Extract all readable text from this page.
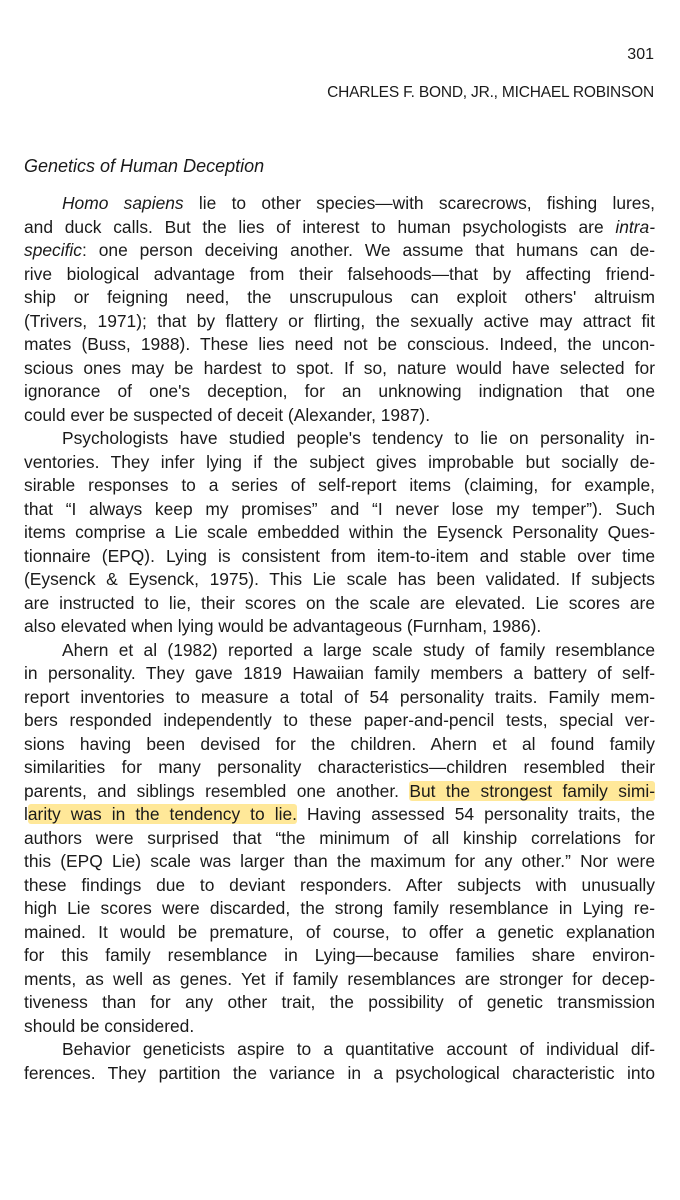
301
CHARLES F. BOND, JR., MICHAEL ROBINSON
Genetics of Human Deception
Homo sapiens lie to other species—with scarecrows, fishing lures,
and duck calls. But the lies of interest to human psychologists are intra-
specific: one person deceiving another. We assume that humans can de-
rive biological advantage from their falsehoods—that by affecting friend-
ship or feigning need, the unscrupulous can exploit others' altruism
(Trivers, 1971); that by flattery or flirting, the sexually active may attract fit
mates (Buss, 1988). These lies need not be conscious. Indeed, the uncon-
scious ones may be hardest to spot. If so, nature would have selected for
ignorance of one's deception, for an unknowing indignation that one
could ever be suspected of deceit (Alexander, 1987).
Psychologists have studied people's tendency to lie on personality in-
ventories. They infer lying if the subject gives improbable but socially de-
sirable responses to a series of self-report items (claiming, for example,
that “I always keep my promises” and “I never lose my temper”). Such
items comprise a Lie scale embedded within the Eysenck Personality Ques-
tionnaire (EPQ). Lying is consistent from item-to-item and stable over time
(Eysenck & Eysenck, 1975). This Lie scale has been validated. If subjects
are instructed to lie, their scores on the scale are elevated. Lie scores are
also elevated when lying would be advantageous (Furnham, 1986).
Ahern et al (1982) reported a large scale study of family resemblance
in personality. They gave 1819 Hawaiian family members a battery of self-
report inventories to measure a total of 54 personality traits. Family mem-
bers responded independently to these paper-and-pencil tests, special ver-
sions having been devised for the children. Ahern et al found family
similarities for many personality characteristics—children resembled their
parents, and siblings resembled one another. But the strongest family simi-
larity was in the tendency to lie. Having assessed 54 personality traits, the
authors were surprised that “the minimum of all kinship correlations for
this (EPQ Lie) scale was larger than the maximum for any other.” Nor were
these findings due to deviant responders. After subjects with unusually
high Lie scores were discarded, the strong family resemblance in Lying re-
mained. It would be premature, of course, to offer a genetic explanation
for this family resemblance in Lying—because families share environ-
ments, as well as genes. Yet if family resemblances are stronger for decep-
tiveness than for any other trait, the possibility of genetic transmission
should be considered.
Behavior geneticists aspire to a quantitative account of individual dif-
ferences. They partition the variance in a psychological characteristic into
